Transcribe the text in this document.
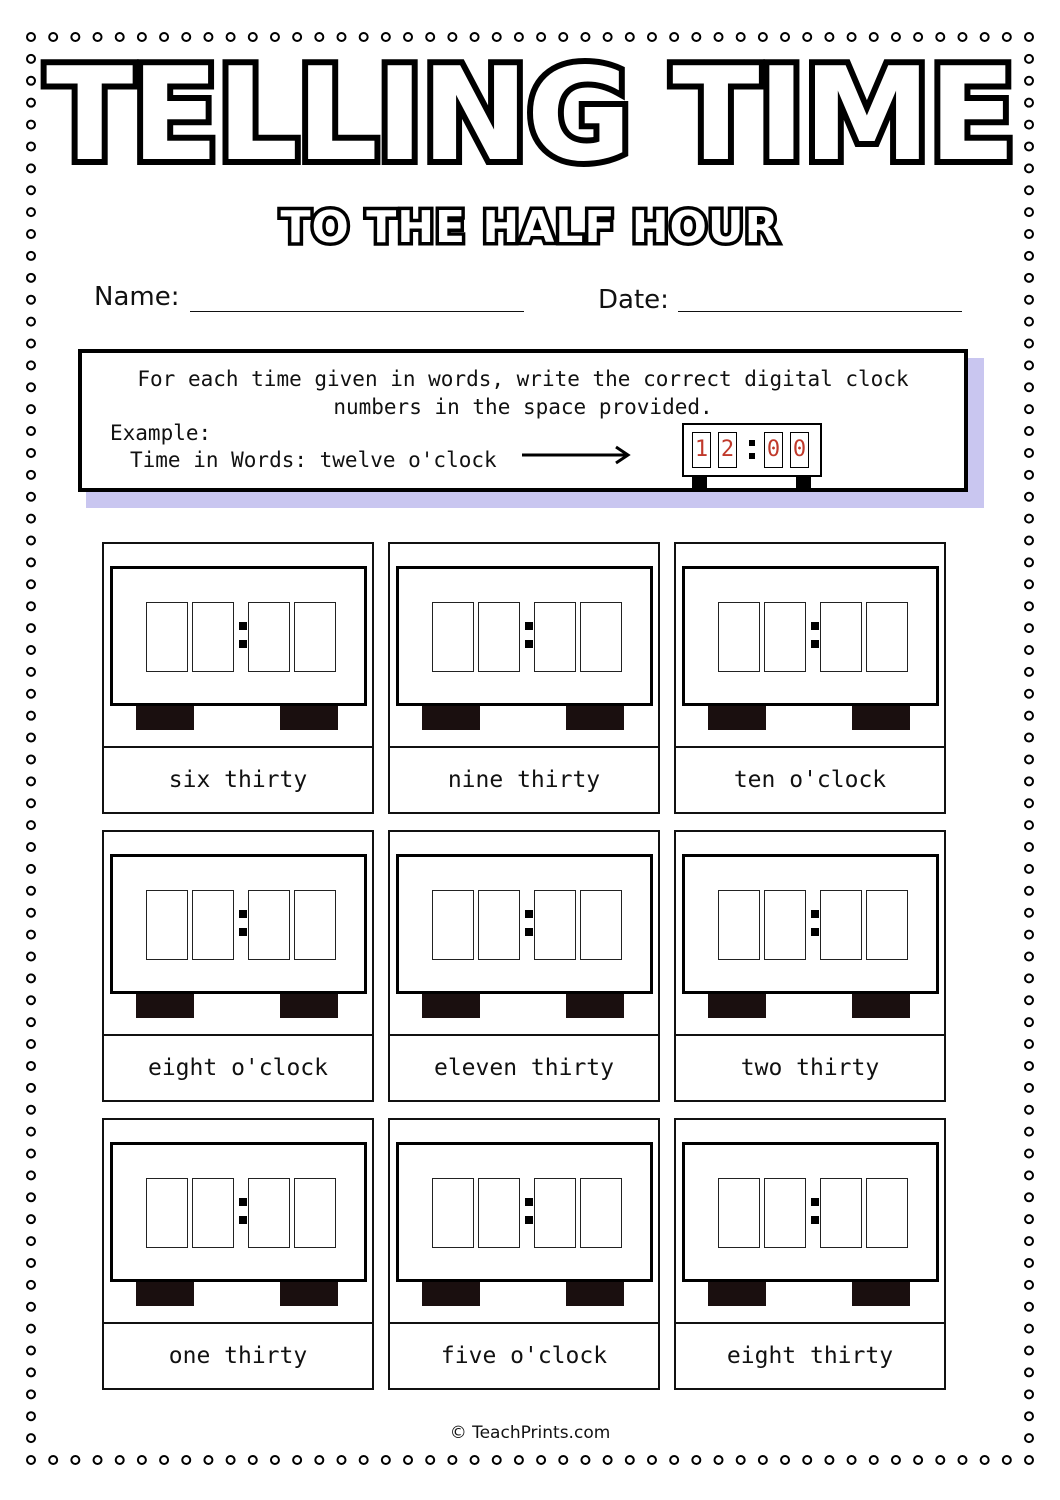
TELLING TIME
TO THE HALF HOUR
Name:	Date:
For each time given in words, write the correct digital clock numbers in the space provided.
Example:
Time in Words: twelve o'clock	1 2 0 0
six thirty	nine thirty	ten o'clock
eight o'clock	eleven thirty	two thirty
one thirty	five o'clock	eight thirty
© TeachPrints.com
